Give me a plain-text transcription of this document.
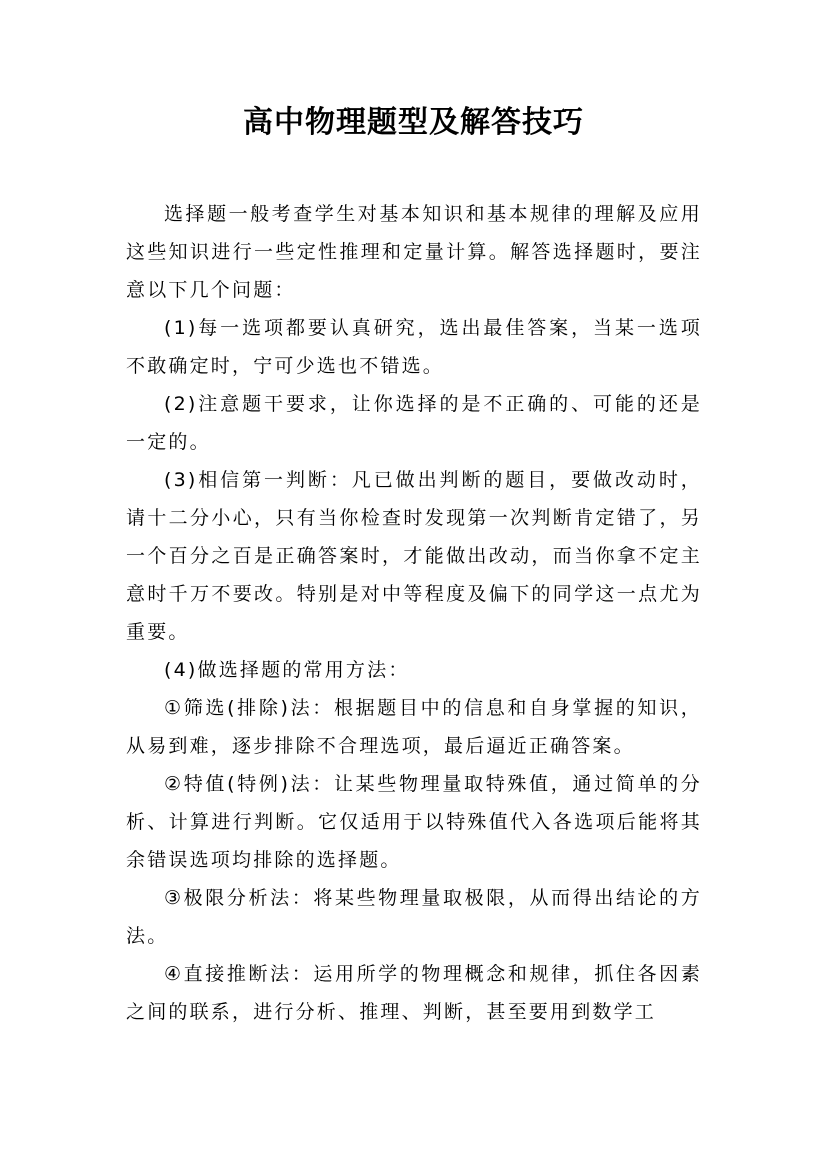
高中物理题型及解答技巧

选择题一般考查学生对基本知识和基本规律的理解及应用这些知识进行一些定性推理和定量计算。解答选择题时，要注意以下几个问题：

(1)每一选项都要认真研究，选出最佳答案，当某一选项不敢确定时，宁可少选也不错选。

(2)注意题干要求，让你选择的是不正确的、可能的还是一定的。

(3)相信第一判断：凡已做出判断的题目，要做改动时，请十二分小心，只有当你检查时发现第一次判断肯定错了，另一个百分之百是正确答案时，才能做出改动，而当你拿不定主意时千万不要改。特别是对中等程度及偏下的同学这一点尤为重要。

(4)做选择题的常用方法：

①筛选(排除)法：根据题目中的信息和自身掌握的知识，从易到难，逐步排除不合理选项，最后逼近正确答案。

②特值(特例)法：让某些物理量取特殊值，通过简单的分析、计算进行判断。它仅适用于以特殊值代入各选项后能将其余错误选项均排除的选择题。

③极限分析法：将某些物理量取极限，从而得出结论的方法。

④直接推断法：运用所学的物理概念和规律，抓住各因素之间的联系，进行分析、推理、判断，甚至要用到数学工
